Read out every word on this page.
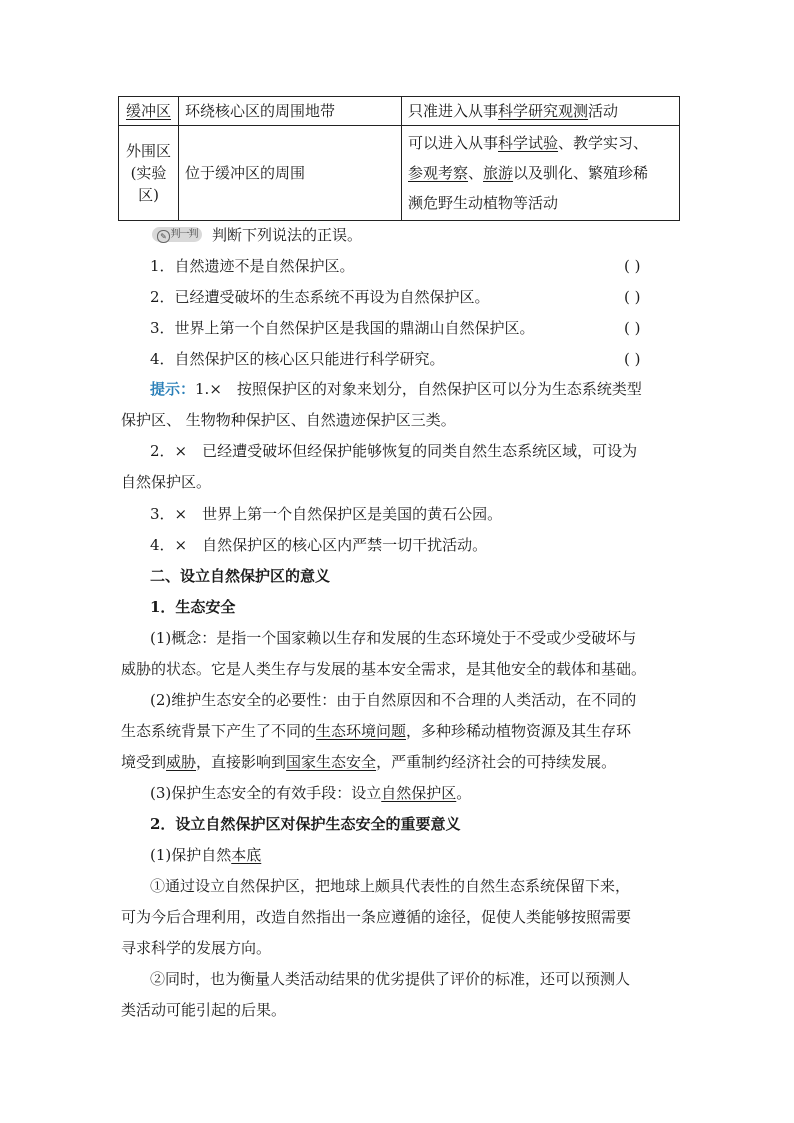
缓冲区	环绕核心区的周围地带	只准进入从事科学研究观测活动
外围区
(实验区)	位于缓冲区的周围	可以进入从事科学试验、教学实习、
参观考察、旅游以及驯化、繁殖珍稀
濒危野生动植物等活动
✎ 判一判 判断下列说法的正误。
1．自然遗迹不是自然保护区。	( )
2．已经遭受破坏的生态系统不再设为自然保护区。	( )
3．世界上第一个自然保护区是我国的鼎湖山自然保护区。	( )
4．自然保护区的核心区只能进行科学研究。	( )
提示：1.×　按照保护区的对象来划分，自然保护区可以分为生态系统类型
保护区、 生物物种保护区、自然遗迹保护区三类。
2．×　已经遭受破坏但经保护能够恢复的同类自然生态系统区域，可设为
自然保护区。
3．×　世界上第一个自然保护区是美国的黄石公园。
4．×　自然保护区的核心区内严禁一切干扰活动。
二、设立自然保护区的意义
1．生态安全
(1)概念：是指一个国家赖以生存和发展的生态环境处于不受或少受破坏与
威胁的状态。它是人类生存与发展的基本安全需求，是其他安全的载体和基础。
(2)维护生态安全的必要性：由于自然原因和不合理的人类活动，在不同的
生态系统背景下产生了不同的生态环境问题，多种珍稀动植物资源及其生存环
境受到威胁，直接影响到国家生态安全，严重制约经济社会的可持续发展。
(3)保护生态安全的有效手段：设立自然保护区。
2．设立自然保护区对保护生态安全的重要意义
(1)保护自然本底
①通过设立自然保护区，把地球上颇具代表性的自然生态系统保留下来，
可为今后合理利用，改造自然指出一条应遵循的途径，促使人类能够按照需要
寻求科学的发展方向。
②同时，也为衡量人类活动结果的优劣提供了评价的标准，还可以预测人
类活动可能引起的后果。
